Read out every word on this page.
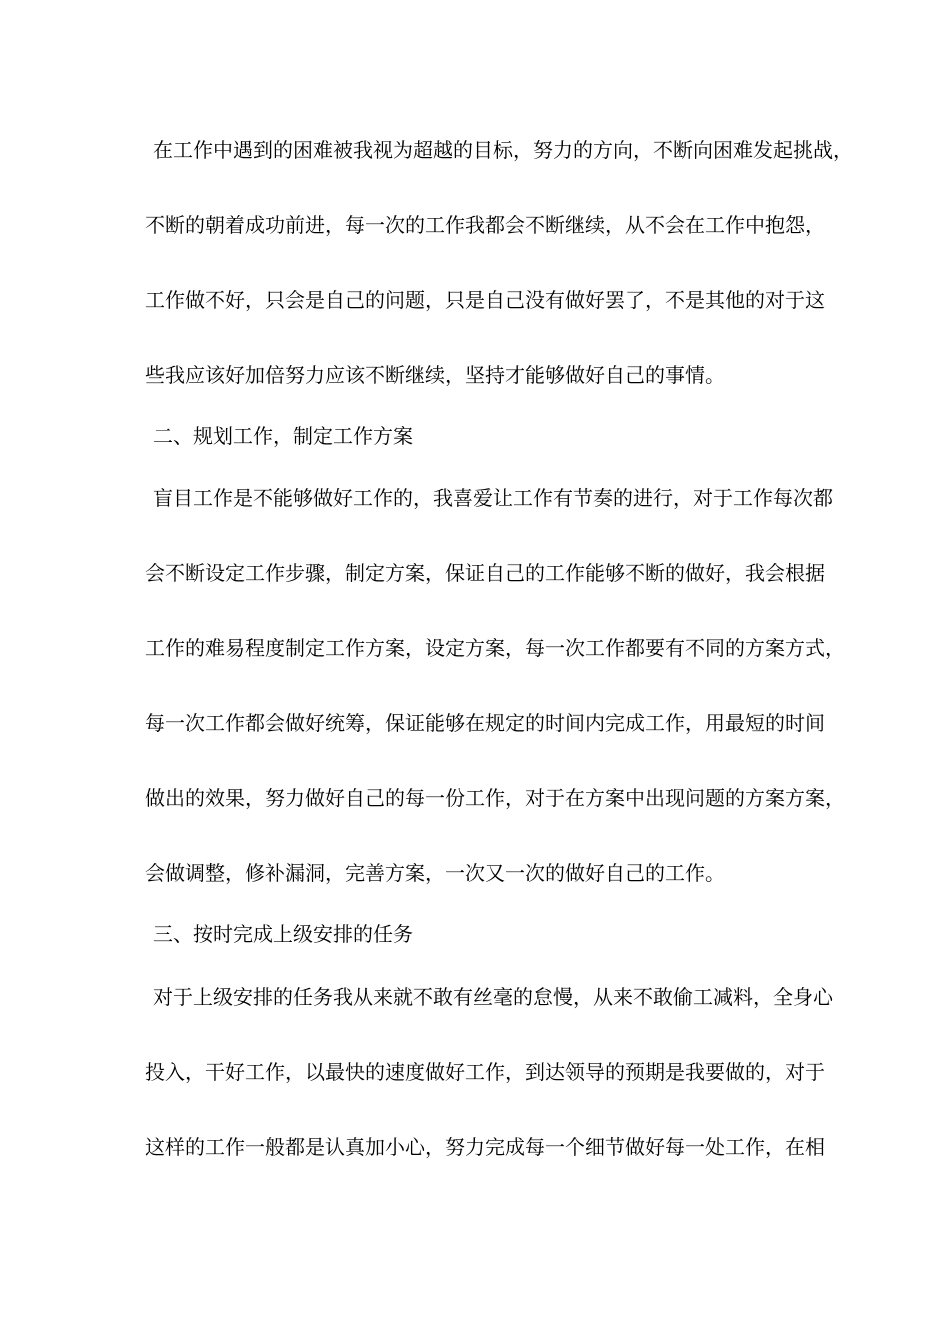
在工作中遇到的困难被我视为超越的目标，努力的方向，不断向困难发起挑战，
不断的朝着成功前进，每一次的工作我都会不断继续，从不会在工作中抱怨，
工作做不好，只会是自己的问题，只是自己没有做好罢了，不是其他的对于这
些我应该好加倍努力应该不断继续，坚持才能够做好自己的事情。
二、规划工作，制定工作方案
盲目工作是不能够做好工作的，我喜爱让工作有节奏的进行，对于工作每次都
会不断设定工作步骤，制定方案，保证自己的工作能够不断的做好，我会根据
工作的难易程度制定工作方案，设定方案，每一次工作都要有不同的方案方式，
每一次工作都会做好统筹，保证能够在规定的时间内完成工作，用最短的时间
做出的效果，努力做好自己的每一份工作，对于在方案中出现问题的方案方案，
会做调整，修补漏洞，完善方案，一次又一次的做好自己的工作。
三、按时完成上级安排的任务
对于上级安排的任务我从来就不敢有丝毫的怠慢，从来不敢偷工减料，全身心
投入，干好工作，以最快的速度做好工作，到达领导的预期是我要做的，对于
这样的工作一般都是认真加小心，努力完成每一个细节做好每一处工作，在相
